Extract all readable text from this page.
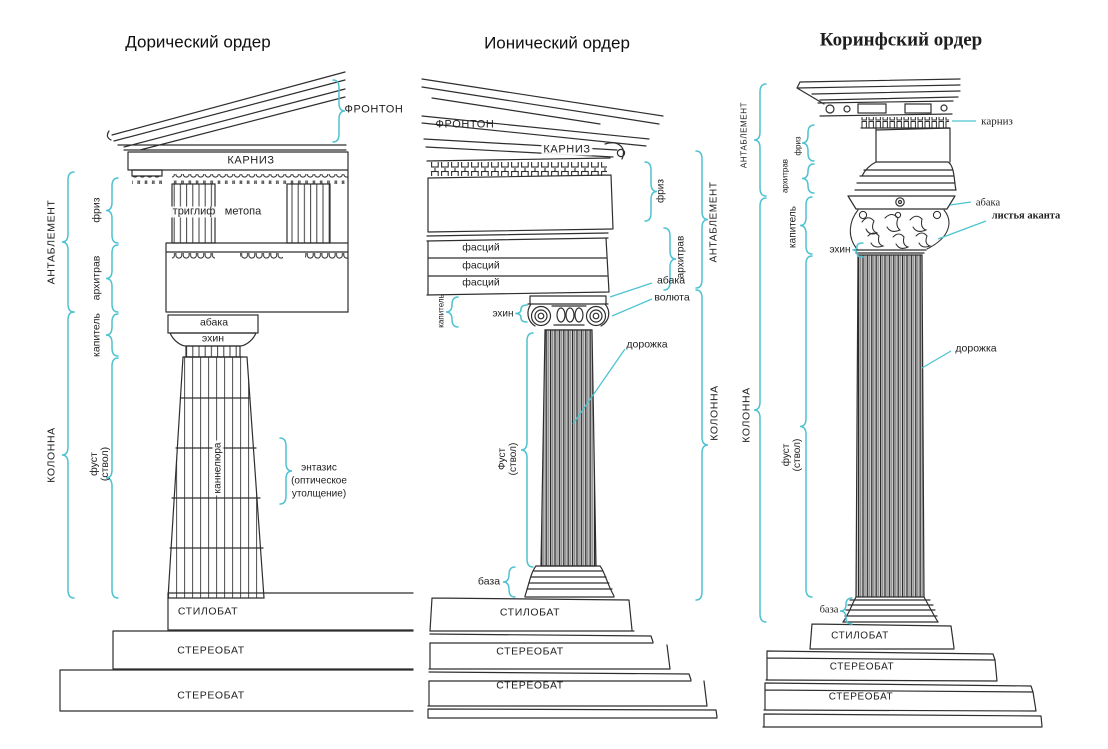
Дорический ордер
ФРОНТОН
КАРНИЗ
триглиф метопа
АНТАБЛЕМЕНТ
КОЛОННА
фриз
архитрав
капитель
фуст (ствол)
абака
эхин
каннелюра	энтазис
(оптическое
утолщение)
СТИЛОБАТ
СТЕРЕОБАТ
СТЕРЕОБАТ
Ионический ордер
ФРОНТОН
КАРНИЗ
фасций
фасций
фасций	абака
волюта
капитель	эхин
дорожка
Фуст (ствол)
база
СТИЛОБАТ
СТЕРЕОБАТ
СТЕРЕОБАТ
фриз
архитрав АНТАБЛЕМЕНТ
КОЛОННА
Коринфский ордер
карниз
абака
листья аканта
эхин
дорожка
АНТАБЛЕМЕНТ	фриз
архитрав
капитель
КОЛОННА
фуст (ствол)
база
СТИЛОБАТ
СТЕРЕОБАТ
СТЕРЕОБАТ
